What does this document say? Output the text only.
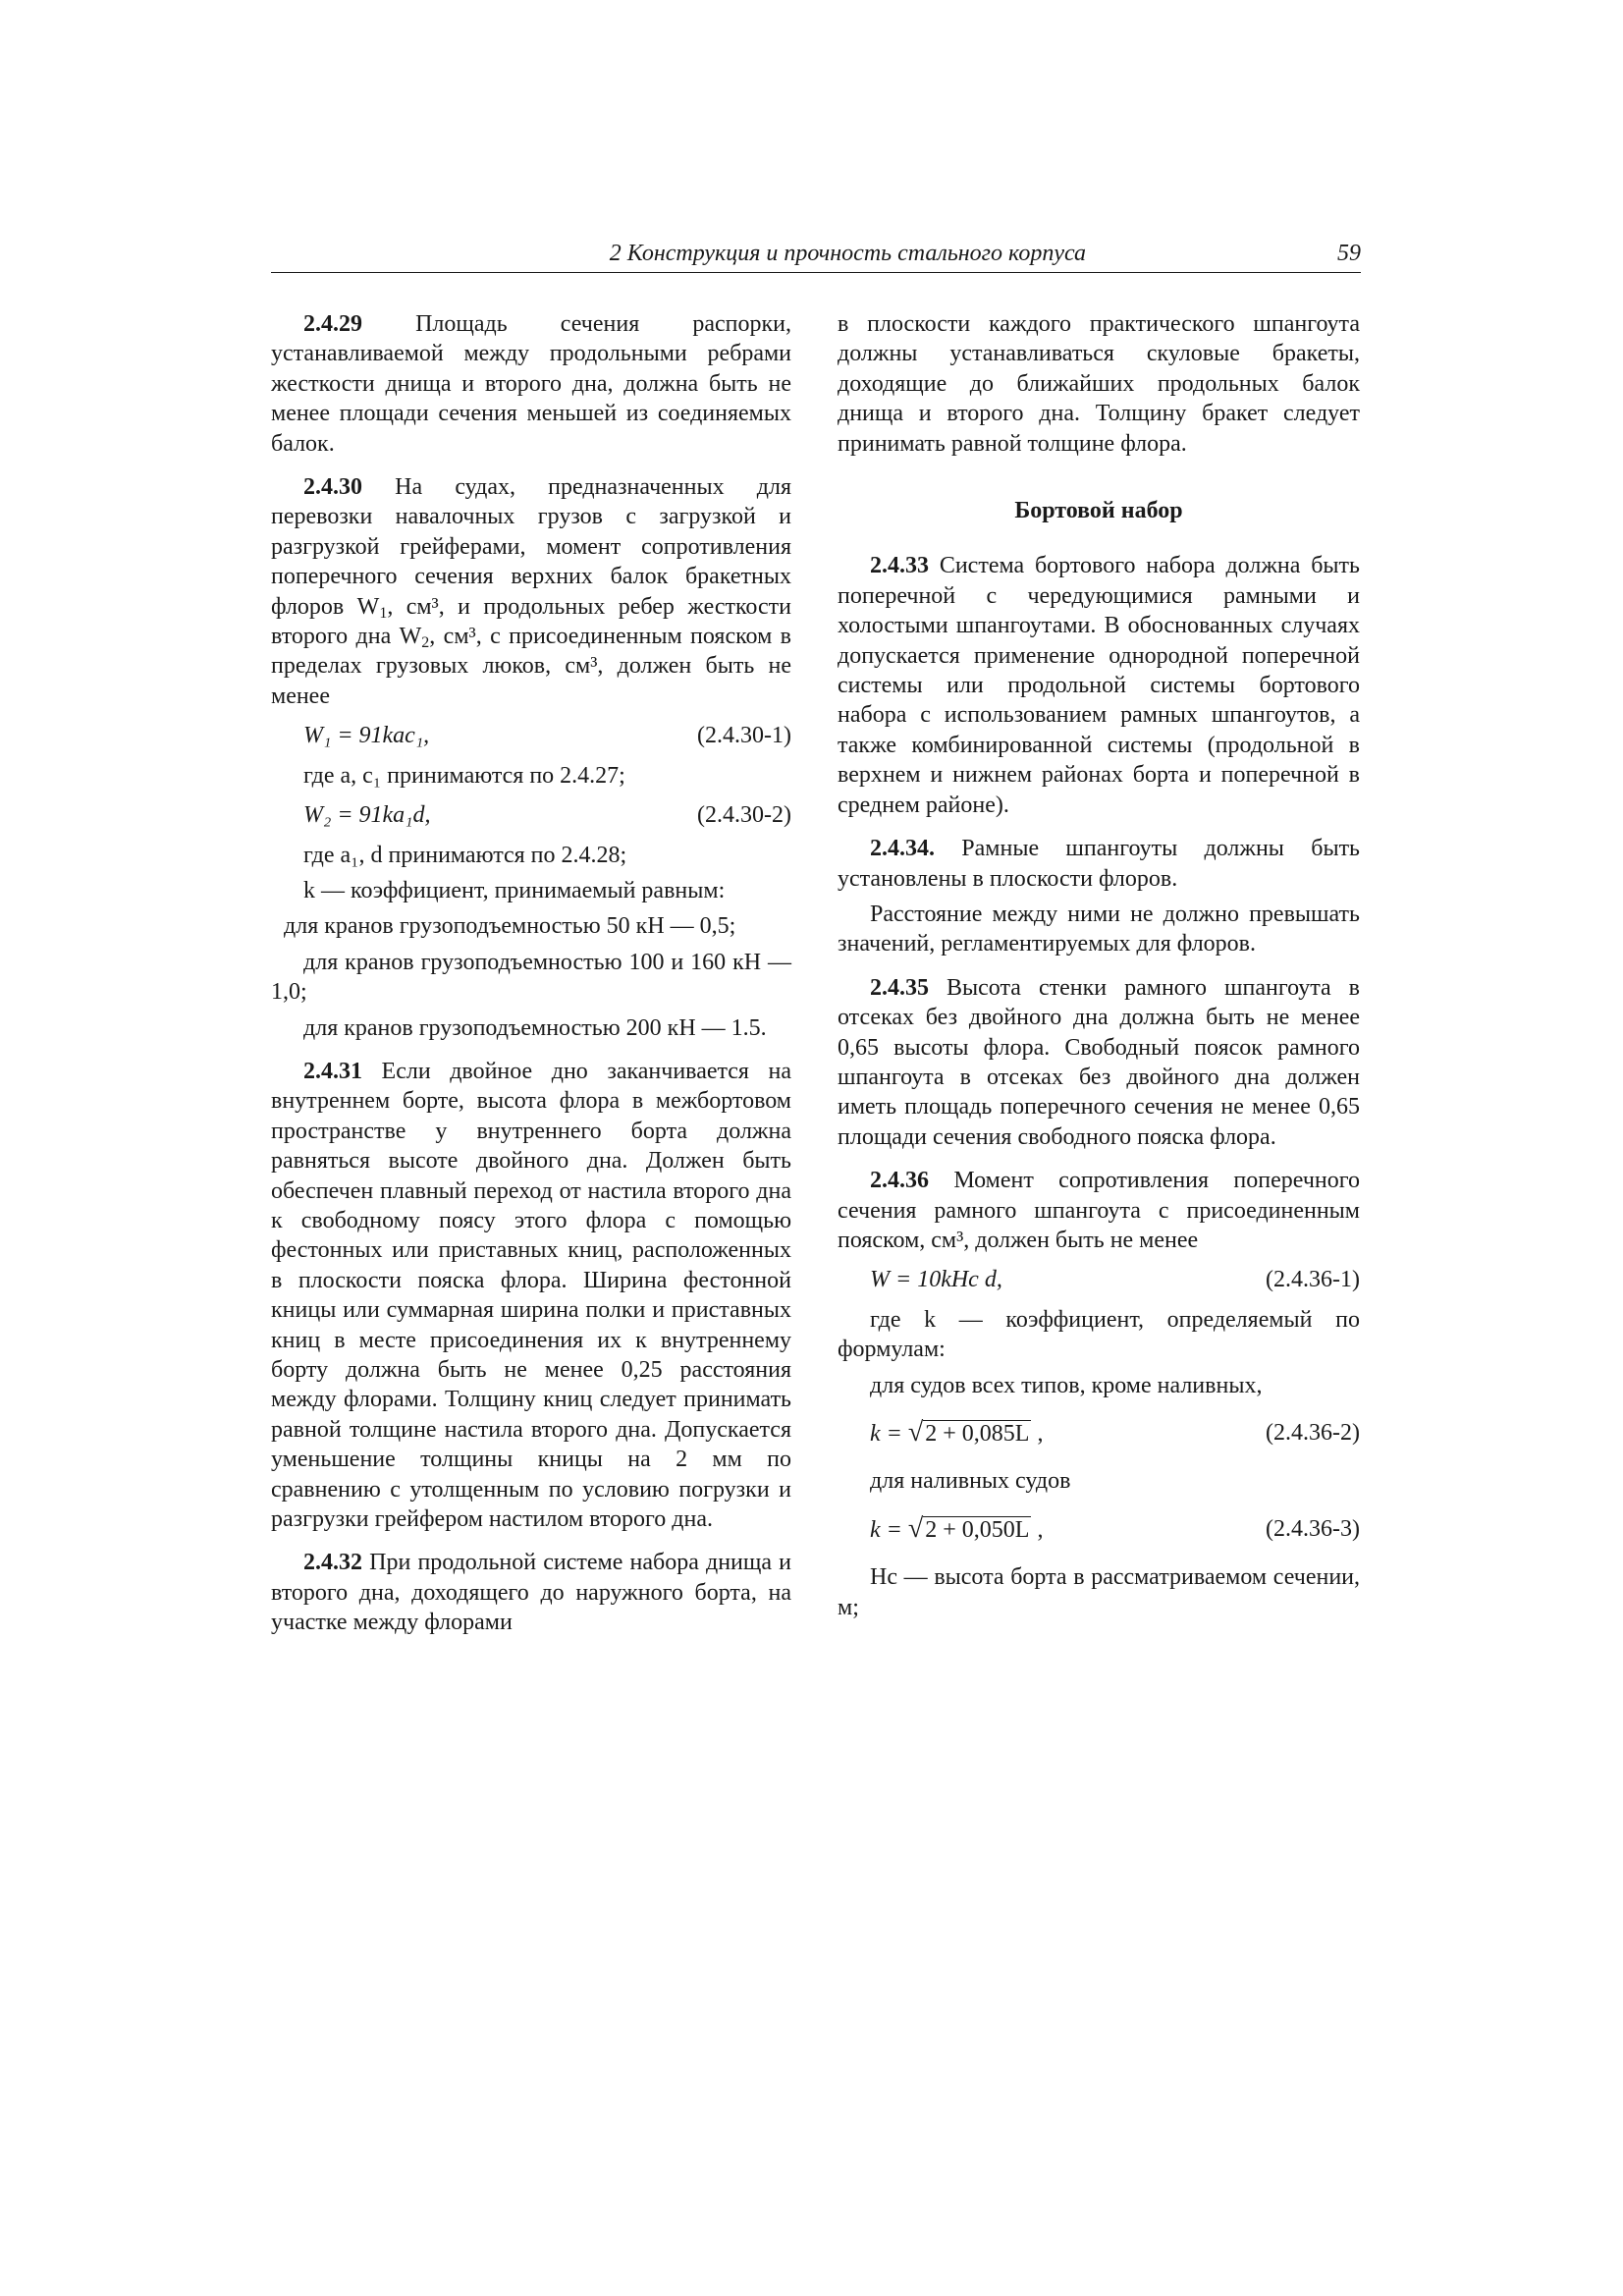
2 Конструкция и прочность стального корпуса	59

2.4.29 Площадь сечения распорки, устанавливаемой между продольными ребрами жесткости днища и второго дна, должна быть не менее площади сечения меньшей из соединяемых балок.

2.4.30 На судах, предназначенных для перевозки навалочных грузов с загрузкой и разгрузкой грейферами, момент сопротивления поперечного сечения верхних балок бракетных флоров $W_1$, см³, и продольных ребер жесткости второго дна $W_2$, см³, с присоединенным пояском в пределах грузовых люков, см³, должен быть не менее

W₁ = 91kac₁,	(2.4.30-1)

где a, c₁ принимаются по 2.4.27;

W₂ = 91ka₁d,	(2.4.30-2)

где a₁, d принимаются по 2.4.28;

k — коэффициент, принимаемый равным:

для кранов грузоподъемностью 50 кН — 0,5;

для кранов грузоподъемностью 100 и 160 кН — 1,0;

для кранов грузоподъемностью 200 кН — 1.5.

2.4.31 Если двойное дно заканчивается на внутреннем борте, высота флора в межбортовом пространстве у внутреннего борта должна равняться высоте двойного дна. Должен быть обеспечен плавный переход от настила второго дна к свободному поясу этого флора с помощью фестонных или приставных книц, расположенных в плоскости пояска флора. Ширина фестонной кницы или суммарная ширина полки и приставных книц в месте присоединения их к внутреннему борту должна быть не менее 0,25 расстояния между флорами. Толщину книц следует принимать равной толщине настила второго дна. Допускается уменьшение толщины кницы на 2 мм по сравнению с утолщенным по условию погрузки и разгрузки грейфером настилом второго дна.

2.4.32 При продольной системе набора днища и второго дна, доходящего до наружного борта, на участке между флорами

в плоскости каждого практического шпангоута должны устанавливаться скуловые бракеты, доходящие до ближайших продольных балок днища и второго дна. Толщину бракет следует принимать равной толщине флора.

Бортовой набор

2.4.33 Система бортового набора должна быть поперечной с чередующимися рамными и холостыми шпангоутами. В обоснованных случаях допускается применение однородной поперечной системы или продольной системы бортового набора с использованием рамных шпангоутов, а также комбинированной системы (продольной в верхнем и нижнем районах борта и поперечной в среднем районе).

2.4.34. Рамные шпангоуты должны быть установлены в плоскости флоров.

Расстояние между ними не должно превышать значений, регламентируемых для флоров.

2.4.35 Высота стенки рамного шпангоута в отсеках без двойного дна должна быть не менее 0,65 высоты флора. Свободный поясок рамного шпангоута в отсеках без двойного дна должен иметь площадь поперечного сечения не менее 0,65 площади сечения свободного пояска флора.

2.4.36 Момент сопротивления поперечного сечения рамного шпангоута с присоединенным пояском, см³, должен быть не менее

W = 10kHс d,	(2.4.36-1)

где k — коэффициент, определяемый по формулам:

для судов всех типов, кроме наливных,

k = √2 + 0,085L ,	(2.4.36-2)

для наливных судов

k = √2 + 0,050L ,	(2.4.36-3)

Hс — высота борта в рассматриваемом сечении, м;
